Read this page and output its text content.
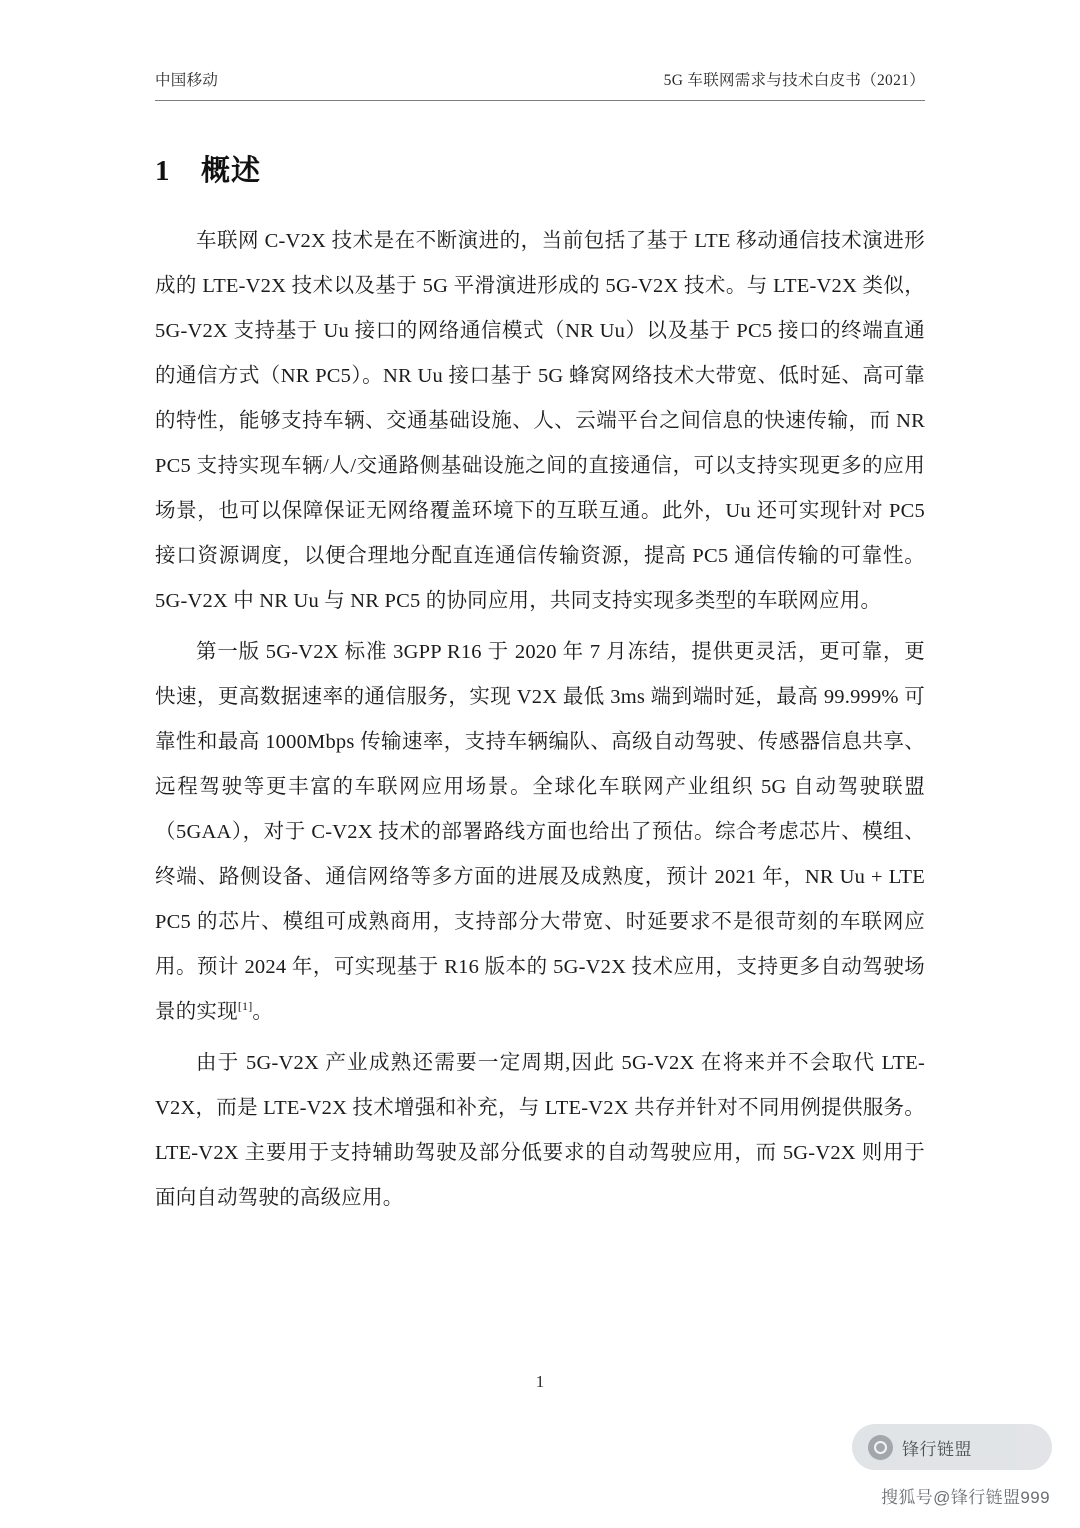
中国移动	5G 车联网需求与技术白皮书（2021）
1 概述

车联网 C-V2X 技术是在不断演进的，当前包括了基于 LTE 移动通信技术演进形成的 LTE-V2X 技术以及基于 5G 平滑演进形成的 5G-V2X 技术。与 LTE-V2X 类似，5G-V2X 支持基于 Uu 接口的网络通信模式（NR Uu）以及基于 PC5 接口的终端直通的通信方式（NR PC5）。NR Uu 接口基于 5G 蜂窝网络技术大带宽、低时延、高可靠的特性，能够支持车辆、交通基础设施、人、云端平台之间信息的快速传输，而 NR PC5 支持实现车辆/人/交通路侧基础设施之间的直接通信，可以支持实现更多的应用场景，也可以保障保证无网络覆盖环境下的互联互通。此外，Uu 还可实现针对 PC5 接口资源调度，以便合理地分配直连通信传输资源，提高 PC5 通信传输的可靠性。5G-V2X 中 NR Uu 与 NR PC5 的协同应用，共同支持实现多类型的车联网应用。

第一版 5G-V2X 标准 3GPP R16 于 2020 年 7 月冻结，提供更灵活，更可靠，更快速，更高数据速率的通信服务，实现 V2X 最低 3ms 端到端时延，最高 99.999% 可靠性和最高 1000Mbps 传输速率，支持车辆编队、高级自动驾驶、传感器信息共享、远程驾驶等更丰富的车联网应用场景。全球化车联网产业组织 5G 自动驾驶联盟（5GAA），对于 C-V2X 技术的部署路线方面也给出了预估。综合考虑芯片、模组、终端、路侧设备、通信网络等多方面的进展及成熟度，预计 2021 年，NR Uu + LTE PC5 的芯片、模组可成熟商用，支持部分大带宽、时延要求不是很苛刻的车联网应用。预计 2024 年，可实现基于 R16 版本的 5G-V2X 技术应用，支持更多自动驾驶场景的实现[1]。

由于 5G-V2X 产业成熟还需要一定周期,因此 5G-V2X 在将来并不会取代 LTE-V2X，而是 LTE-V2X 技术增强和补充，与 LTE-V2X 共存并针对不同用例提供服务。LTE-V2X 主要用于支持辅助驾驶及部分低要求的自动驾驶应用，而 5G-V2X 则用于面向自动驾驶的高级应用。

1
锋行链盟
搜狐号@锋行链盟999
